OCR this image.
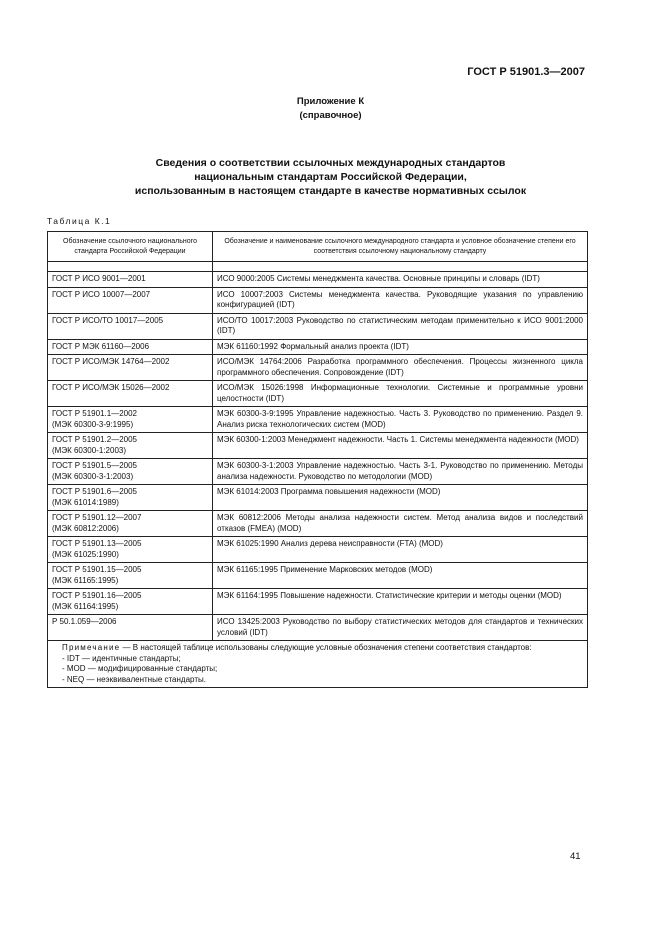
ГОСТ Р 51901.3—2007
Приложение К
(справочное)
Сведения о соответствии ссылочных международных стандартов
национальным стандартам Российской Федерации,
использованным в настоящем стандарте в качестве нормативных ссылок
Таблица К.1
Обозначение ссылочного национального стандарта Российской Федерации	Обозначение и наименование ссылочного международного стандарта и условное обозначение степени его соответствия ссылочному национальному стандарту

ГОСТ Р ИСО 9001—2001	ИСО 9000:2005 Системы менеджмента качества. Основные принципы и словарь (IDT)

ГОСТ Р ИСО 10007—2007	ИСО 10007:2003 Системы менеджмента качества. Руководящие указания по управлению конфигурацией (IDT)

ГОСТ Р ИСО/ТО 10017—2005	ИСО/ТО 10017:2003 Руководство по статистическим методам применительно к ИСО 9001:2000 (IDT)

ГОСТ Р МЭК 61160—2006	МЭК 61160:1992 Формальный анализ проекта (IDT)

ГОСТ Р ИСО/МЭК 14764—2002	ИСО/МЭК 14764:2006 Разработка программного обеспечения. Процессы жизненного цикла программного обеспечения. Сопровождение (IDT)

ГОСТ Р ИСО/МЭК 15026—2002	ИСО/МЭК 15026:1998 Информационные технологии. Системные и программные уровни целостности (IDT)

ГОСТ Р 51901.1—2002
(МЭК 60300-3-9:1995)	МЭК 60300-3-9:1995 Управление надежностью. Часть 3. Руководство по применению. Раздел 9. Анализ риска технологических систем (MOD)

ГОСТ Р 51901.2—2005
(МЭК 60300-1:2003)	МЭК 60300-1:2003 Менеджмент надежности. Часть 1. Системы менеджмента надежности (MOD)

ГОСТ Р 51901.5—2005
(МЭК 60300-3-1:2003)	МЭК 60300-3-1:2003 Управление надежностью. Часть 3-1. Руководство по применению. Методы анализа надежности. Руководство по методологии (MOD)

ГОСТ Р 51901.6—2005
(МЭК 61014:1989)	МЭК 61014:2003 Программа повышения надежности (MOD)

ГОСТ Р 51901.12—2007
(МЭК 60812:2006)	МЭК 60812:2006 Методы анализа надежности систем. Метод анализа видов и последствий отказов (FMEA) (MOD)

ГОСТ Р 51901.13—2005
(МЭК 61025:1990)	МЭК 61025:1990 Анализ дерева неисправности (FTA) (MOD)

ГОСТ Р 51901.15—2005
(МЭК 61165:1995)	МЭК 61165:1995 Применение Марковских методов (MOD)

ГОСТ Р 51901.16—2005
(МЭК 61164:1995)	МЭК 61164:1995 Повышение надежности. Статистические критерии и методы оценки (MOD)

Р 50.1.059—2006	ИСО 13425:2003 Руководство по выбору статистических методов для стандартов и технических условий (IDT)

Примечание — В настоящей таблице использованы следующие условные обозначения степени соответствия стандартов:
- IDT — идентичные стандарты;
- MOD — модифицированные стандарты;
- NEQ — неэквивалентные стандарты.	
41
